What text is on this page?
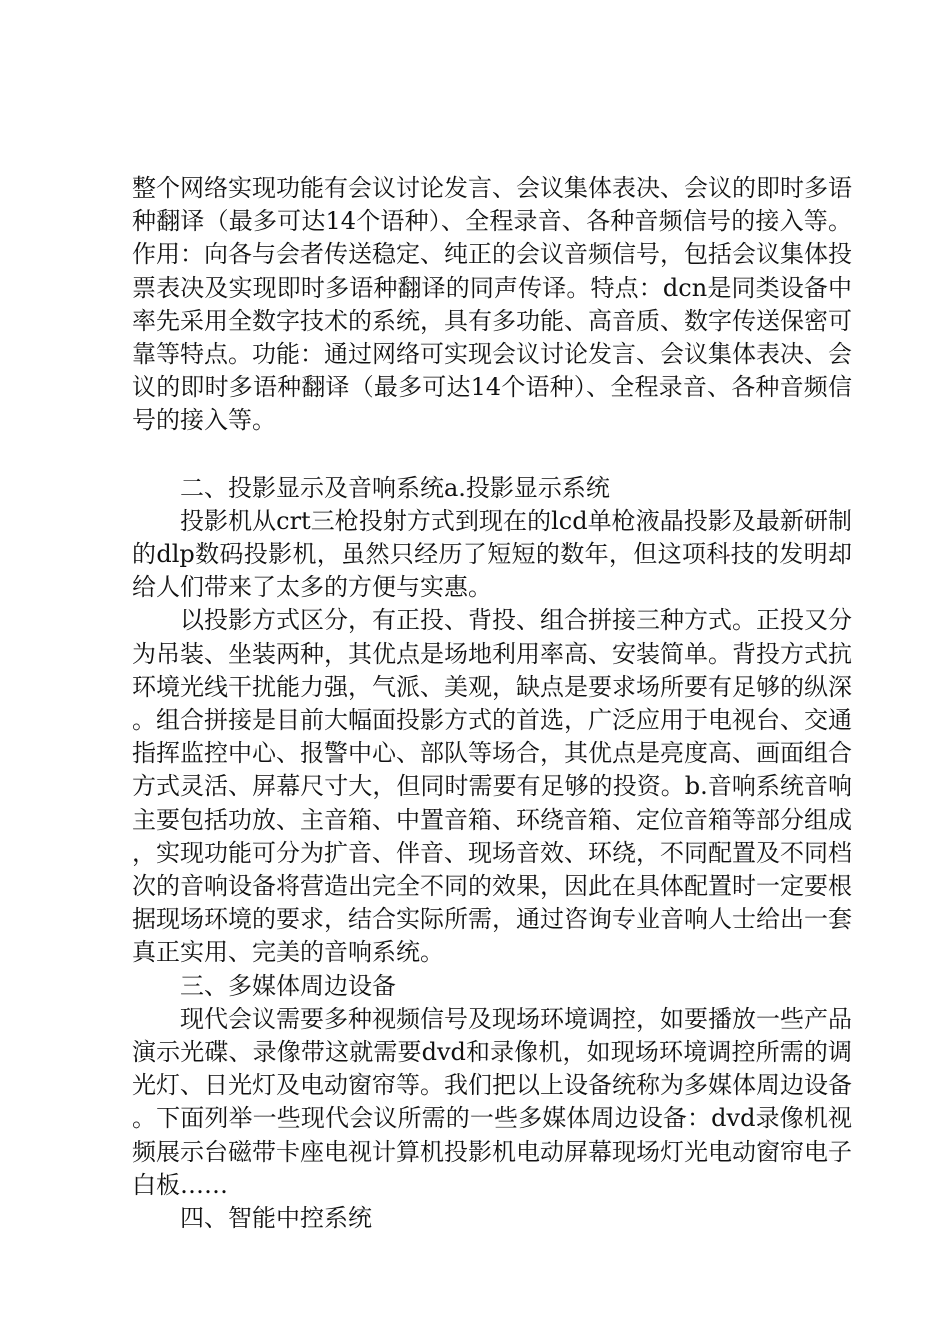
整个网络实现功能有会议讨论发言、会议集体表决、会议的即时多语种翻译（最多可达14个语种）、全程录音、各种音频信号的接入等。作用：向各与会者传送稳定、纯正的会议音频信号，包括会议集体投票表决及实现即时多语种翻译的同声传译。特点：dcn是同类设备中率先采用全数字技术的系统，具有多功能、高音质、数字传送保密可靠等特点。功能：通过网络可实现会议讨论发言、会议集体表决、会议的即时多语种翻译（最多可达14个语种）、全程录音、各种音频信号的接入等。

二、投影显示及音响系统a.投影显示系统

投影机从crt三枪投射方式到现在的lcd单枪液晶投影及最新研制的dlp数码投影机，虽然只经历了短短的数年，但这项科技的发明却给人们带来了太多的方便与实惠。

以投影方式区分，有正投、背投、组合拼接三种方式。正投又分为吊装、坐装两种，其优点是场地利用率高、安装简单。背投方式抗环境光线干扰能力强，气派、美观，缺点是要求场所要有足够的纵深。组合拼接是目前大幅面投影方式的首选，广泛应用于电视台、交通指挥监控中心、报警中心、部队等场合，其优点是亮度高、画面组合方式灵活、屏幕尺寸大，但同时需要有足够的投资。b.音响系统音响主要包括功放、主音箱、中置音箱、环绕音箱、定位音箱等部分组成，实现功能可分为扩音、伴音、现场音效、环绕，不同配置及不同档次的音响设备将营造出完全不同的效果，因此在具体配置时一定要根据现场环境的要求，结合实际所需，通过咨询专业音响人士给出一套真正实用、完美的音响系统。

三、多媒体周边设备

现代会议需要多种视频信号及现场环境调控，如要播放一些产品演示光碟、录像带这就需要dvd和录像机，如现场环境调控所需的调光灯、日光灯及电动窗帘等。我们把以上设备统称为多媒体周边设备。下面列举一些现代会议所需的一些多媒体周边设备：dvd录像机视频展示台磁带卡座电视计算机投影机电动屏幕现场灯光电动窗帘电子白板……

四、智能中控系统
